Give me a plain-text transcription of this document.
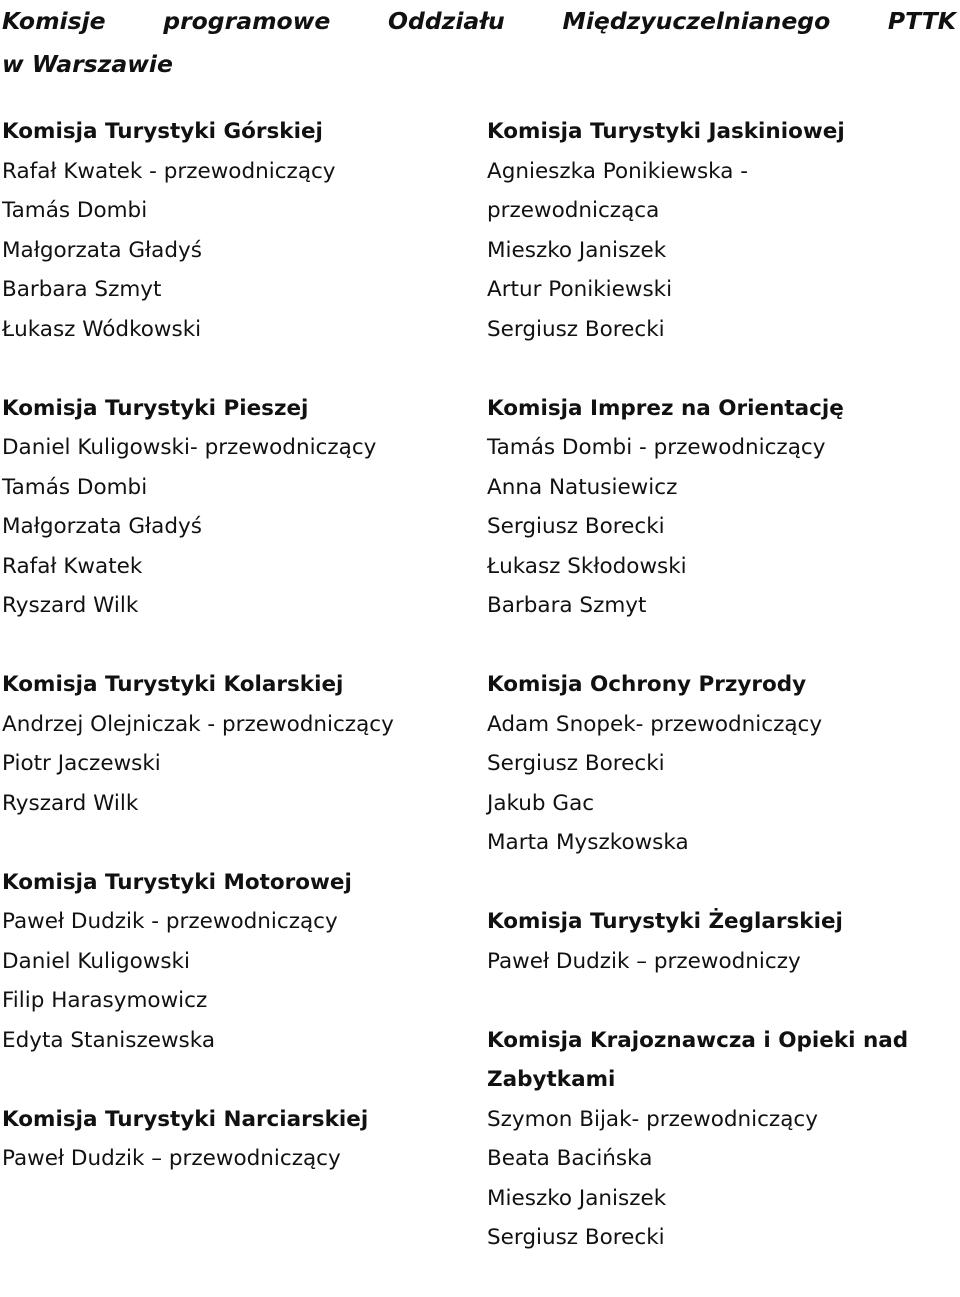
Komisje programowe Oddziału Międzyuczelnianego PTTK
w Warszawie
Komisja Turystyki Górskiej
Rafał Kwatek - przewodniczący
Tamás Dombi
Małgorzata Gładyś
Barbara Szmyt
Łukasz Wódkowski
Komisja Turystyki Pieszej
Daniel Kuligowski- przewodniczący
Tamás Dombi
Małgorzata Gładyś
Rafał Kwatek
Ryszard Wilk
Komisja Turystyki Kolarskiej
Andrzej Olejniczak - przewodniczący
Piotr Jaczewski
Ryszard Wilk
Komisja Turystyki Motorowej
Paweł Dudzik - przewodniczący
Daniel Kuligowski
Filip Harasymowicz
Edyta Staniszewska
Komisja Turystyki Narciarskiej
Paweł Dudzik – przewodniczący
Komisja Turystyki Jaskiniowej
Agnieszka Ponikiewska -
przewodnicząca
Mieszko Janiszek
Artur Ponikiewski
Sergiusz Borecki
Komisja Imprez na Orientację
Tamás Dombi - przewodniczący
Anna Natusiewicz
Sergiusz Borecki
Łukasz Skłodowski
Barbara Szmyt
Komisja Ochrony Przyrody
Adam Snopek- przewodniczący
Sergiusz Borecki
Jakub Gac
Marta Myszkowska
Komisja Turystyki Żeglarskiej
Paweł Dudzik – przewodniczy
Komisja Krajoznawcza i Opieki nad
Zabytkami
Szymon Bijak- przewodniczący
Beata Bacińska
Mieszko Janiszek
Sergiusz Borecki
